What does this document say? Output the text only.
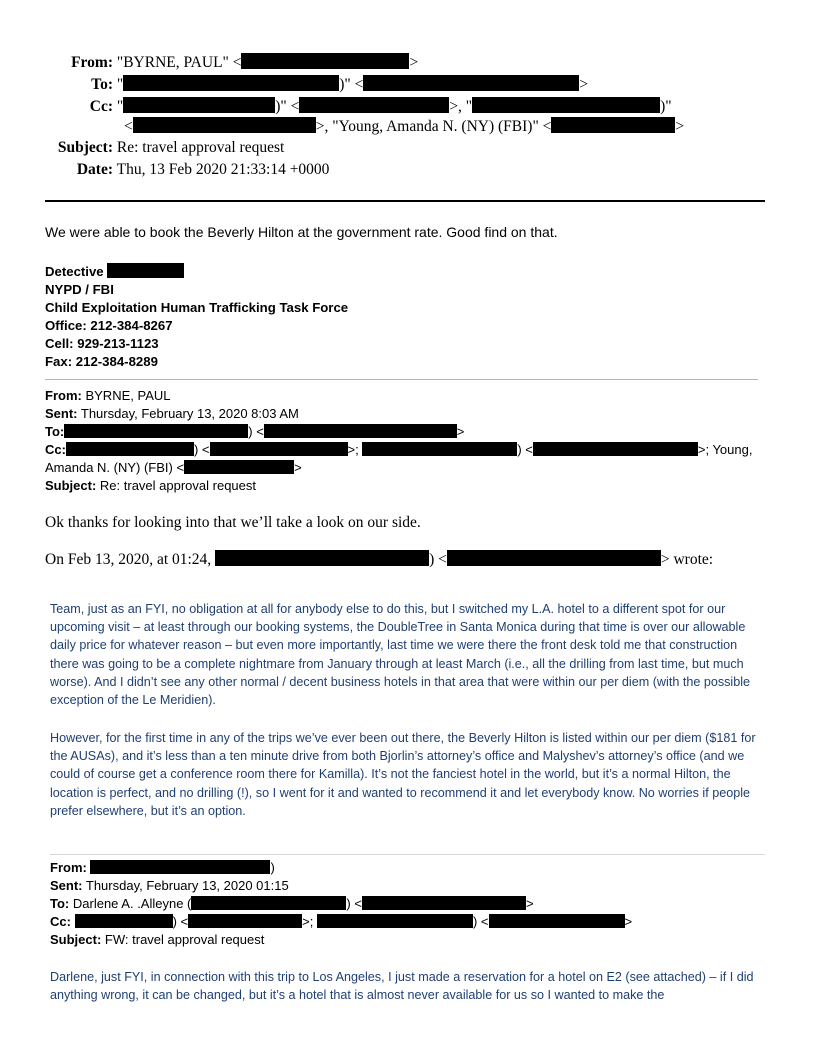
From: "BYRNE, PAUL" <	>
To: "	)" <	>
Cc: "	)" <	>, "	)"
<	>, "Young, Amanda N. (NY) (FBI)" <	>
Subject: Re: travel approval request
Date: Thu, 13 Feb 2020 21:33:14 +0000
We were able to book the Beverly Hilton at the government rate. Good find on that.
Detective
NYPD / FBI
Child Exploitation Human Trafficking Task Force
Office: 212-384-8267
Cell: 929-213-1123
Fax: 212-384-8289
From: BYRNE, PAUL
Sent: Thursday, February 13, 2020 8:03 AM
To:	) <	>
Cc:	) <	>;	) <	>; Young,
Amanda N. (NY) (FBI) <	>
Subject: Re: travel approval request
Ok thanks for looking into that we’ll take a look on our side.
On Feb 13, 2020, at 01:24,	) <	> wrote:
Team, just as an FYI, no obligation at all for anybody else to do this, but I switched my L.A. hotel to a different spot for our upcoming visit – at least through our booking systems, the DoubleTree in Santa Monica during that time is over our allowable daily price for whatever reason – but even more importantly, last time we were there the front desk told me that construction there was going to be a complete nightmare from January through at least March (i.e., all the drilling from last time, but much worse). And I didn’t see any other normal / decent business hotels in that area that were within our per diem (with the possible exception of the Le Meridien).
However, for the first time in any of the trips we’ve ever been out there, the Beverly Hilton is listed within our per diem ($181 for the AUSAs), and it’s less than a ten minute drive from both Bjorlin’s attorney’s office and Malyshev’s attorney’s office (and we could of course get a conference room there for Kamilla). It’s not the fanciest hotel in the world, but it’s a normal Hilton, the location is perfect, and no drilling (!), so I went for it and wanted to recommend it and let everybody know. No worries if people prefer elsewhere, but it’s an option.
From:	)
Sent: Thursday, February 13, 2020 01:15
To: Darlene A. .Alleyne (	) <	>
Cc:	) <	>;	) <	>
Subject: FW: travel approval request
Darlene, just FYI, in connection with this trip to Los Angeles, I just made a reservation for a hotel on E2 (see attached) – if I did anything wrong, it can be changed, but it’s a hotel that is almost never available for us so I wanted to make the
